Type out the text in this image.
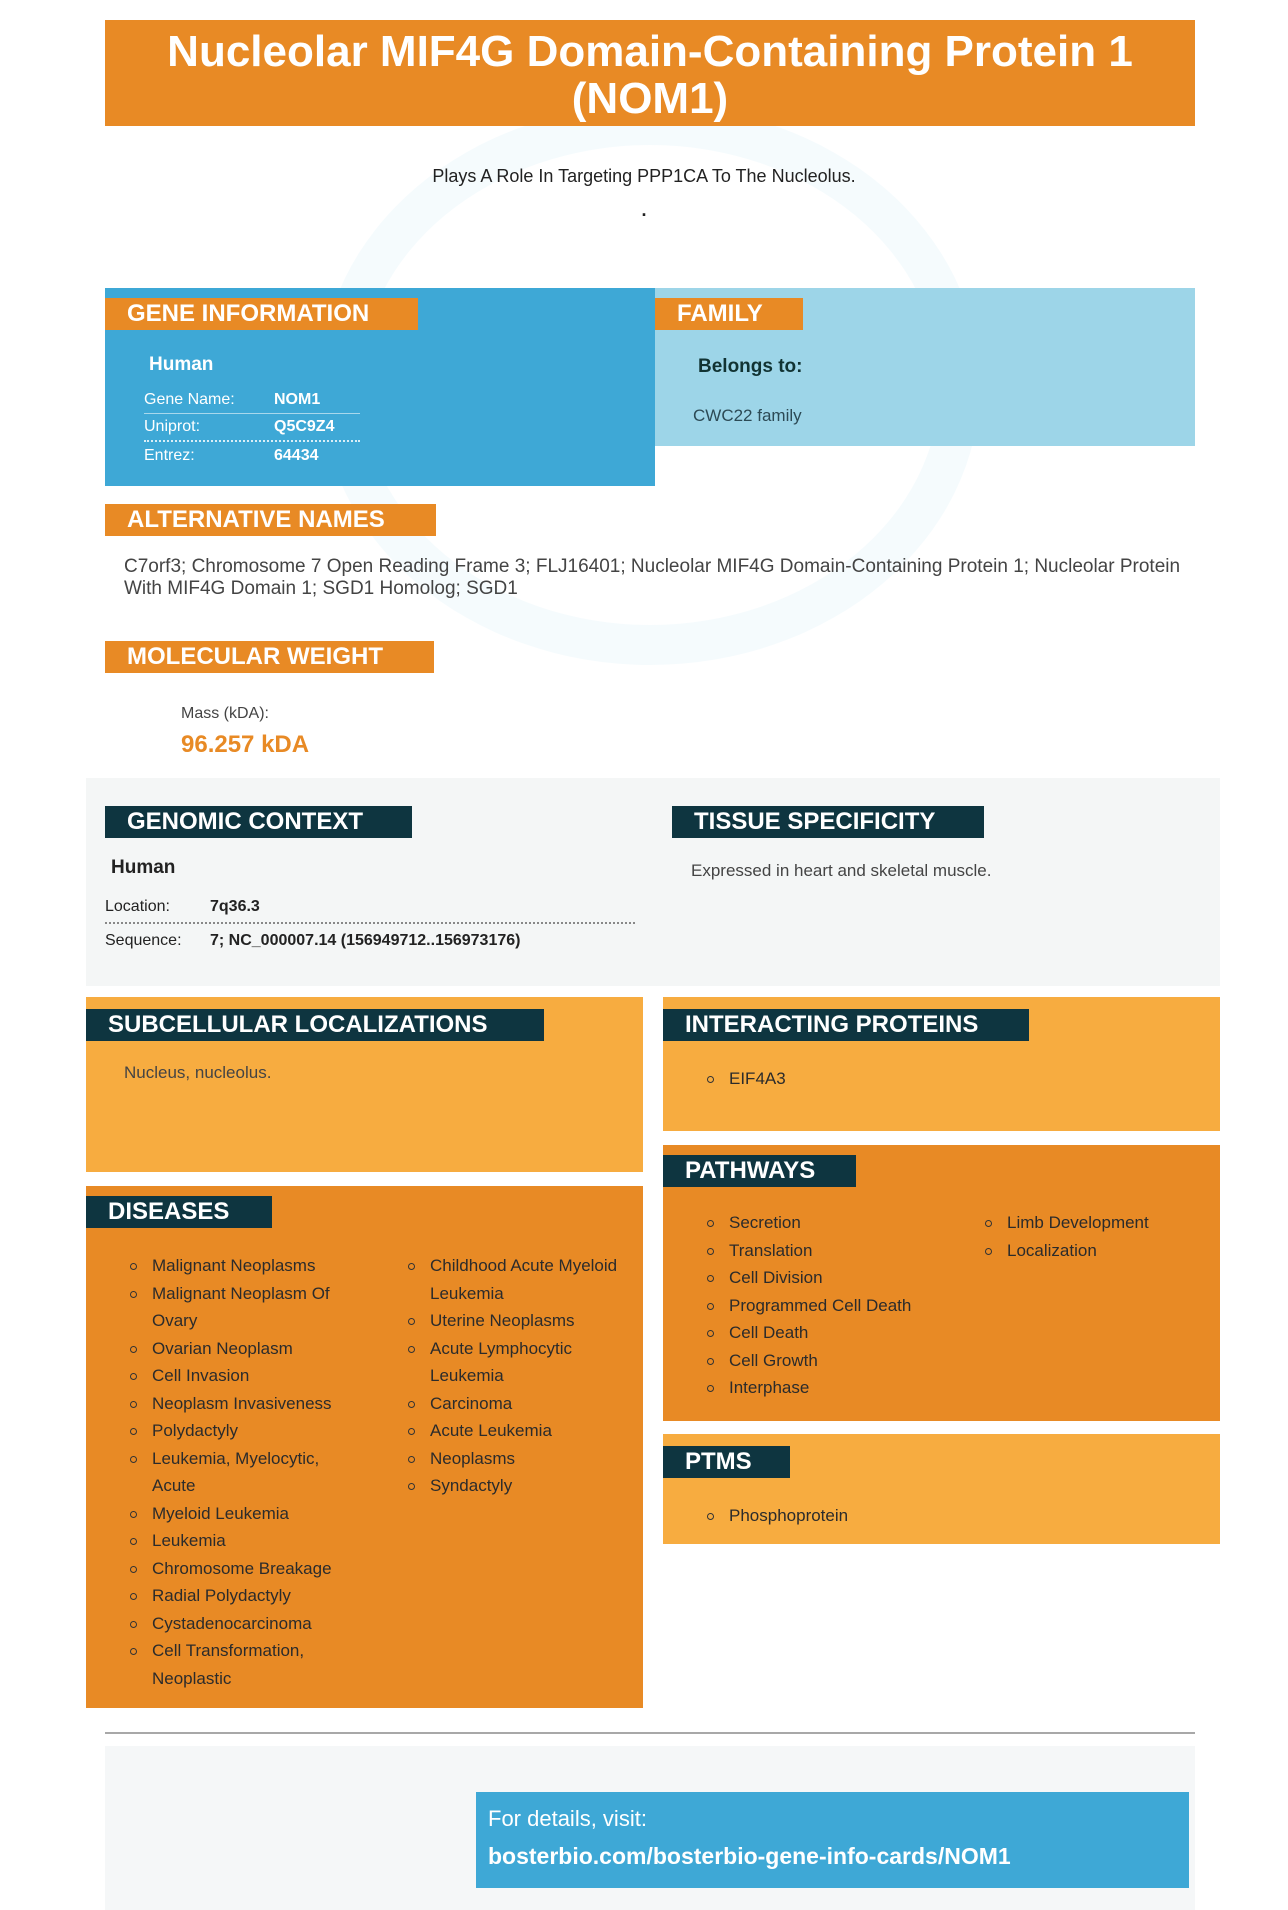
Nucleolar MIF4G Domain-Containing Protein 1 (NOM1)
Plays A Role In Targeting PPP1CA To The Nucleolus.
.
GENE INFORMATION
Human
Gene Name:	NOM1
Uniprot:	Q5C9Z4
Entrez:	64434
FAMILY
Belongs to:
CWC22 family
ALTERNATIVE NAMES
C7orf3; Chromosome 7 Open Reading Frame 3; FLJ16401; Nucleolar MIF4G Domain-Containing Protein 1; Nucleolar Protein With MIF4G Domain 1; SGD1 Homolog; SGD1
MOLECULAR WEIGHT
Mass (kDA):
96.257 kDA
GENOMIC CONTEXT
Human
Location:	7q36.3
Sequence:	7; NC_000007.14 (156949712..156973176)
TISSUE SPECIFICITY
Expressed in heart and skeletal muscle.
SUBCELLULAR LOCALIZATIONS
Nucleus, nucleolus.
INTERACTING PROTEINS
EIF4A3
DISEASES
Malignant Neoplasms
Malignant Neoplasm Of Ovary
Ovarian Neoplasm
Cell Invasion
Neoplasm Invasiveness
Polydactyly
Leukemia, Myelocytic, Acute
Myeloid Leukemia
Leukemia
Chromosome Breakage
Radial Polydactyly
Cystadenocarcinoma
Cell Transformation, Neoplastic
Childhood Acute Myeloid Leukemia
Uterine Neoplasms
Acute Lymphocytic Leukemia
Carcinoma
Acute Leukemia
Neoplasms
Syndactyly
PATHWAYS
Secretion
Translation
Cell Division
Programmed Cell Death
Cell Death
Cell Growth
Interphase
Limb Development
Localization
PTMS
Phosphoprotein
For details, visit:
bosterbio.com/bosterbio-gene-info-cards/NOM1
